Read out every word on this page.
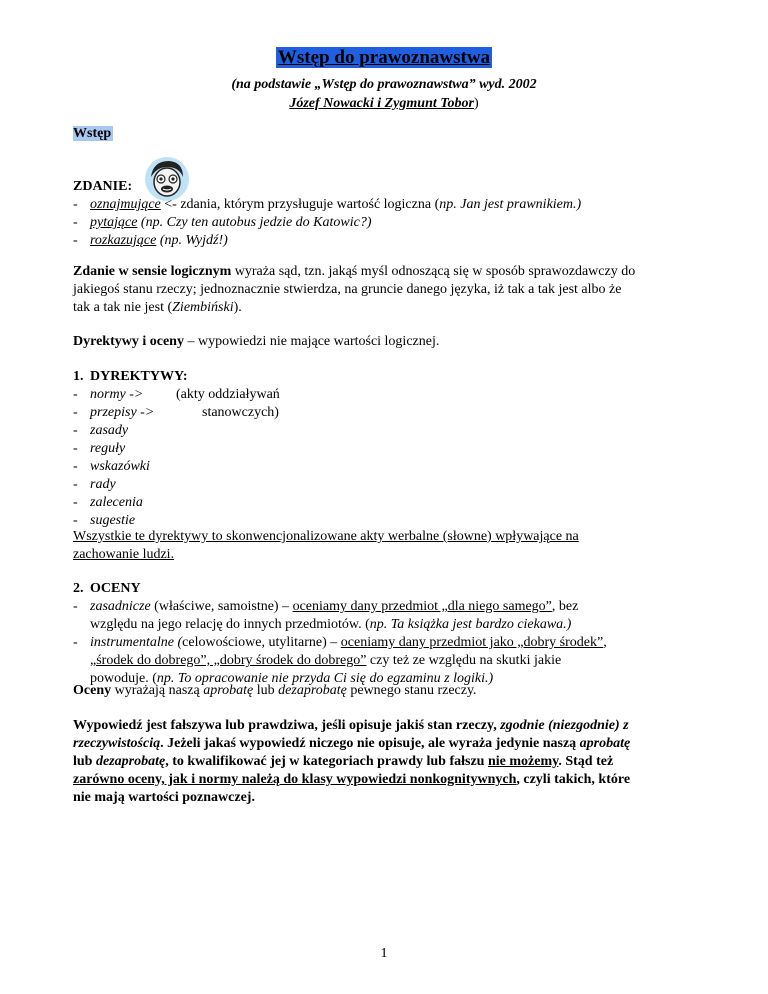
Wstęp do prawoznawstwa
(na podstawie „Wstęp do prawoznawstwa” wyd. 2002
Józef Nowacki i Zygmunt Tobor)
Wstęp
ZDANIE:
- oznajmujące <- zdania, którym przysługuje wartość logiczna (np. Jan jest prawnikiem.)
- pytające (np. Czy ten autobus jedzie do Katowic?)
- rozkazujące (np. Wyjdź!)
Zdanie w sensie logicznym wyraża sąd, tzn. jakąś myśl odnoszącą się w sposób sprawozdawczy do
jakiegoś stanu rzeczy; jednoznacznie stwierdza, na gruncie danego języka, iż tak a tak jest albo że
tak a tak nie jest (Ziembiński).
Dyrektywy i oceny – wypowiedzi nie mające wartości logicznej.
1. DYREKTYWY:
- normy ->
- przepisy ->
- zasady
- reguły
- wskazówki
- rady
- zalecenia
- sugestie
(akty oddziaływań
stanowczych)
Wszystkie te dyrektywy to skonwencjonalizowane akty werbalne (słowne) wpływające na
zachowanie ludzi.
2. OCENY
- zasadnicze (właściwe, samoistne) – oceniamy dany przedmiot „dla niego samego”, bez
względu na jego relację do innych przedmiotów. (np. Ta książka jest bardzo ciekawa.)
- instrumentalne (celowościowe, utylitarne) – oceniamy dany przedmiot jako „dobry środek”,
„środek do dobrego”, „dobry środek do dobrego” czy też ze względu na skutki jakie
powoduje. (np. To opracowanie nie przyda Ci się do egzaminu z logiki.)
Oceny wyrażają naszą aprobatę lub dezaprobatę pewnego stanu rzeczy.
Wypowiedź jest fałszywa lub prawdziwa, jeśli opisuje jakiś stan rzeczy, zgodnie (niezgodnie) z
rzeczywistością. Jeżeli jakaś wypowiedź niczego nie opisuje, ale wyraża jedynie naszą aprobatę
lub dezaprobatę, to kwalifikować jej w kategoriach prawdy lub fałszu nie możemy. Stąd też
zarówno oceny, jak i normy należą do klasy wypowiedzi nonkognitywnych, czyli takich, które
nie mają wartości poznawczej.
1
